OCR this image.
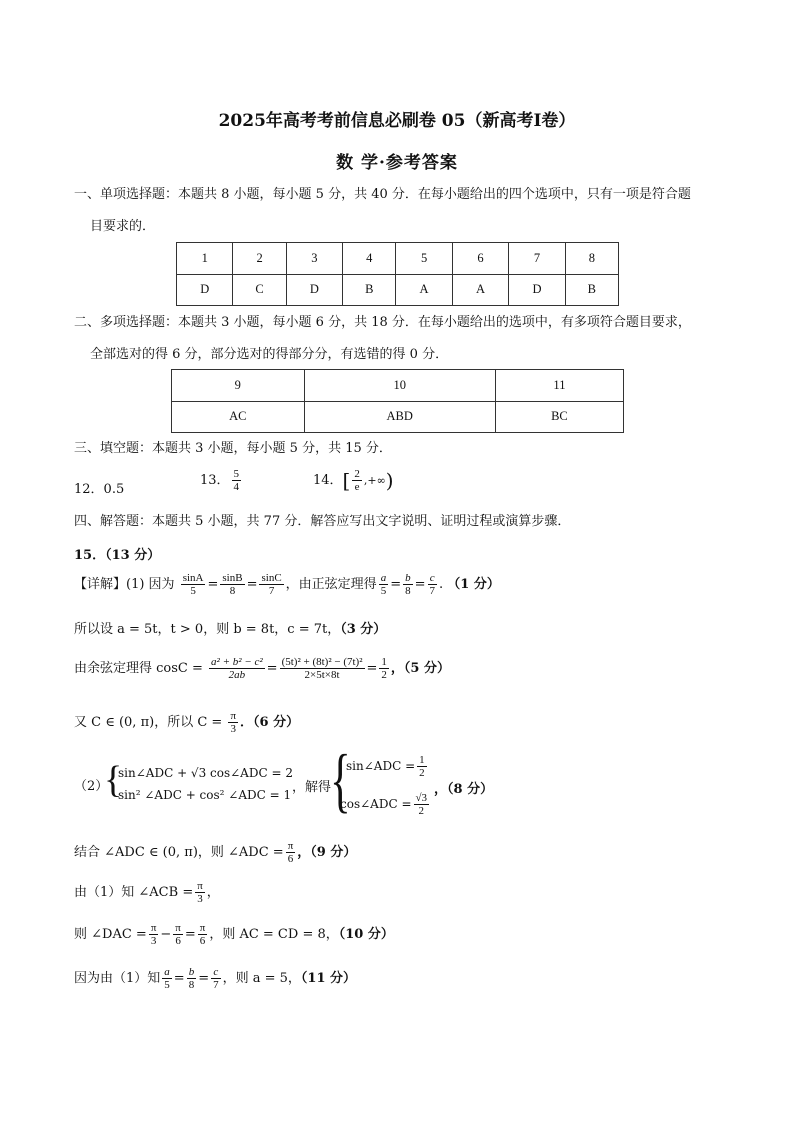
2025年高考考前信息必刷卷 05（新高考Ⅰ卷）
数 学·参考答案
一、单项选择题：本题共 8 小题，每小题 5 分，共 40 分．在每小题给出的四个选项中，只有一项是符合题
目要求的．
1	2	3	4	5	6	7	8
D	C	D	B	A	A	D	B
二、多项选择题：本题共 3 小题，每小题 6 分，共 18 分．在每小题给出的选项中，有多项符合题目要求，
全部选对的得 6 分，部分选对的得部分分，有选错的得 0 分．
9	10	11
AC	ABD	BC
三、填空题：本题共 3 小题，每小题 5 分，共 15 分．
12．0.5
13． $\frac{5}{4}$	14．[ $\frac{2}{e}$ ,+∞)
四、解答题：本题共 5 小题，共 77 分．解答应写出文字说明、证明过程或演算步骤．
15．（13 分）
【详解】(1) 因为 $\frac{\sin A}{5} = \frac{\sin B}{8} = \frac{\sin C}{7}$ ，由正弦定理得 $\frac{a}{5} = \frac{b}{8} = \frac{c}{7}$ . （1 分）
所以设 a = 5t，t > 0，则 b = 8t，c = 7t，（3 分）
由余弦定理得 $\cos C = \frac{\text{a² + b² − c²}}{2ab} = \frac{\text{(5t)² + (8t)² − (7t)²}}{2\times 5t\times 8t} = \frac{1}{2}$ ，（5 分）
又 C ∈ (0, π)，所以 $C = \frac{\pi}{3}$ ．（6 分）
（2）
{
sin∠ADC + √3 cos∠ADC = 2
sin² ∠ADC + cos² ∠ADC = 1 ，解得
{
sin∠ADC = $\frac{1}{2}$
cos∠ADC = $\frac{√3}{2}$
，（8 分）
结合 ∠ADC ∈ (0, π)，则 ∠ADC = $\frac{\pi}{6}$ ，（9 分）
由（1）知 ∠ACB = $\frac{\pi}{3}$ ，
则 ∠DAC = $\frac{\pi}{3} - \frac{\pi}{6} = \frac{\pi}{6}$ ，则 AC = CD = 8，（10 分）
因为由（1）知 $\frac{a}{5} = \frac{b}{8} = \frac{c}{7}$ ，则 a = 5，（11 分）
